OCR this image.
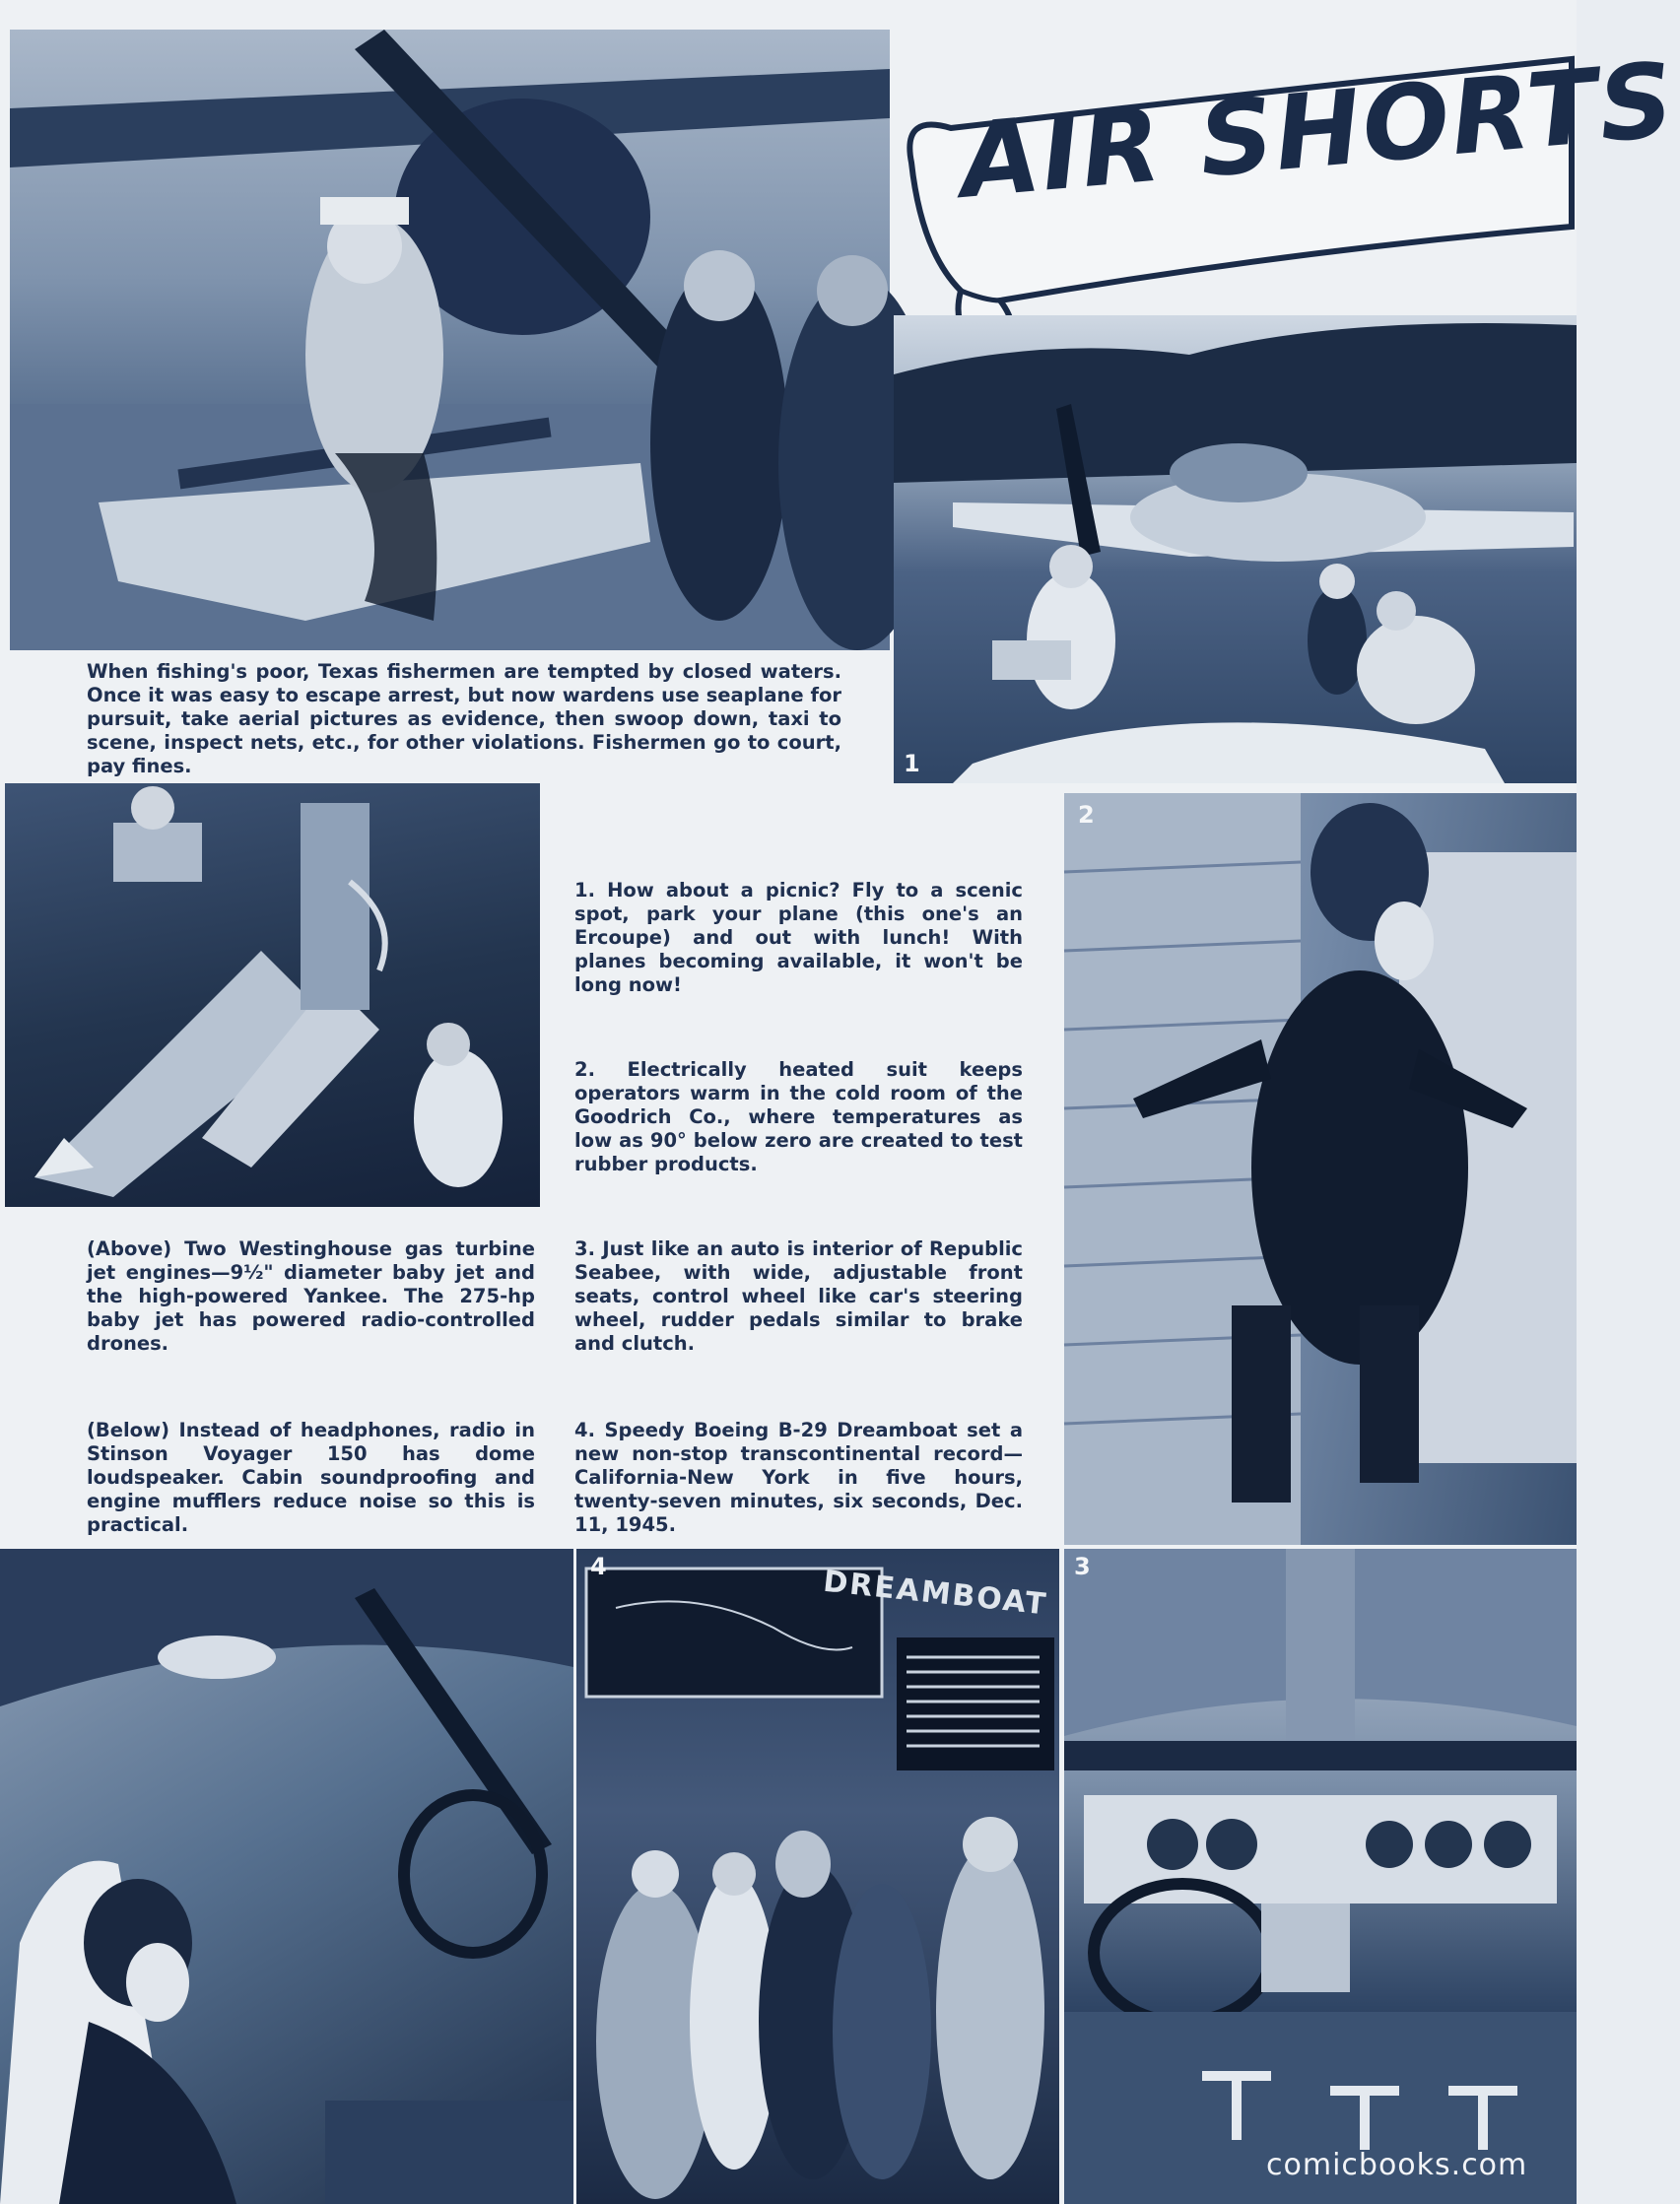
AIR SHORTS
1

When fishing's poor, Texas fishermen are tempted by closed waters. Once it was easy to escape arrest, but now wardens use seaplane for pursuit, take aerial pictures as evidence, then swoop down, taxi to scene, inspect nets, etc., for other violations. Fishermen go to court, pay fines.

1. How about a picnic? Fly to a scenic spot, park your plane (this one's an Ercoupe) and out with lunch! With planes becoming available, it won't be long now!

2. Electrically heated suit keeps operators warm in the cold room of the Goodrich Co., where temperatures as low as 90° below zero are created to test rubber products.

2

(Above) Two Westinghouse gas turbine jet engines—9½" diameter baby jet and the high-powered Yankee. The 275-hp baby jet has powered radio-controlled drones.

3. Just like an auto is interior of Republic Seabee, with wide, adjustable front seats, control wheel like car's steering wheel, rudder pedals similar to brake and clutch.

(Below) Instead of headphones, radio in Stinson Voyager 150 has dome loudspeaker. Cabin soundproofing and engine mufflers reduce noise so this is practical.

4. Speedy Boeing B-29 Dreamboat set a new non-stop transcontinental record—California-New York in five hours, twenty-seven minutes, six seconds, Dec. 11, 1945.

DREAMBOAT
4	3
comicbooks.com
